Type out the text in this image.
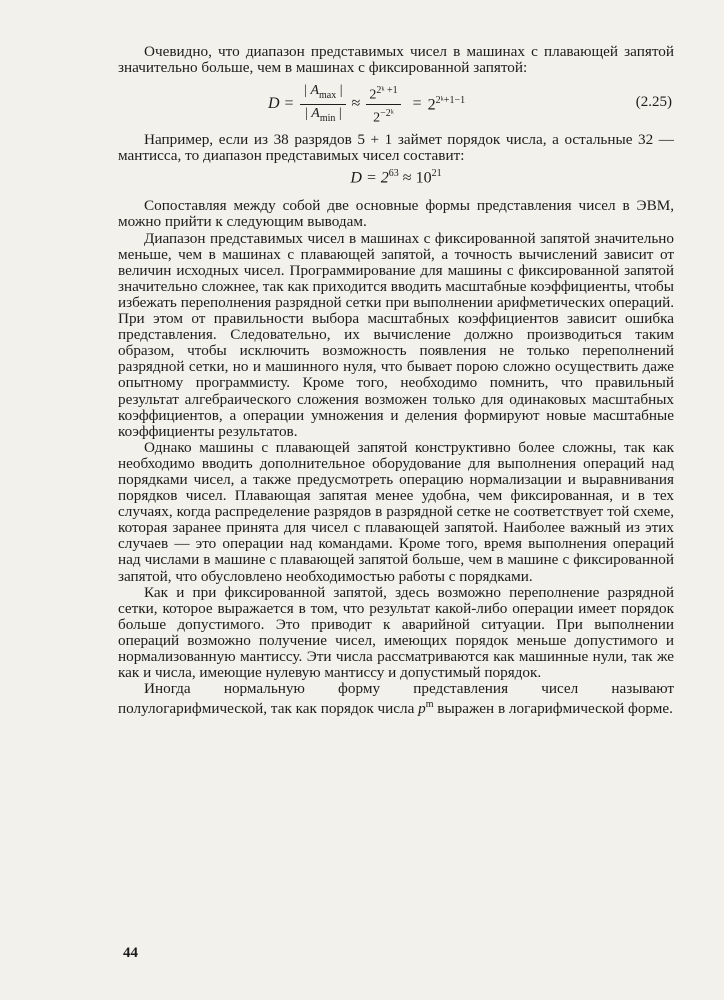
Очевидно, что диапазон представимых чисел в машинах с плавающей запятой значительно больше, чем в машинах с фиксированной запятой:

$D = \frac{| A_{max} |}{| A_{min} |} \approx \frac{2^{2ᵏ +1}}{2^{-2ᵏ}} = 2^{2ᵏ+1-1}$	(2.25)

Например, если из 38 разрядов 5 + 1 займет порядок числа, а остальные 32 — мантисса, то диапазон представимых чисел составит:

$D = 2^{63} \approx 10^{21}$

Сопоставляя между собой две основные формы представления чисел в ЭВМ, можно прийти к следующим выводам.

Диапазон представимых чисел в машинах с фиксированной запятой значительно меньше, чем в машинах с плавающей запятой, а точность вычислений зависит от величин исходных чисел. Программирование для машины с фиксированной запятой значительно сложнее, так как приходится вводить масштабные коэффициенты, чтобы избежать переполнения разрядной сетки при выполнении арифметических операций. При этом от правильности выбора масштабных коэффициентов зависит ошибка представления. Следовательно, их вычисление должно производиться таким образом, чтобы исключить возможность появления не только переполнений разрядной сетки, но и машинного нуля, что бывает порою сложно осуществить даже опытному программисту. Кроме того, необходимо помнить, что правильный результат алгебраического сложения возможен только для одинаковых масштабных коэффициентов, а операции умножения и деления формируют новые масштабные коэффициенты результатов.

Однако машины с плавающей запятой конструктивно более сложны, так как необходимо вводить дополнительное оборудование для выполнения операций над порядками чисел, а также предусмотреть операцию нормализации и выравнивания порядков чисел. Плавающая запятая менее удобна, чем фиксированная, и в тех случаях, когда распределение разрядов в разрядной сетке не соответствует той схеме, которая заранее принята для чисел с плавающей запятой. Наиболее важный из этих случаев — это операции над командами. Кроме того, время выполнения операций над числами в машине с плавающей запятой больше, чем в машине с фиксированной запятой, что обусловлено необходимостью работы с порядками.

Как и при фиксированной запятой, здесь возможно переполнение разрядной сетки, которое выражается в том, что результат какой-либо операции имеет порядок больше допустимого. Это приводит к аварийной ситуации. При выполнении операций возможно получение чисел, имеющих порядок меньше допустимого и нормализованную мантиссу. Эти числа рассматриваются как машинные нули, так же как и числа, имеющие нулевую мантиссу и допустимый порядок.

Иногда нормальную форму представления чисел называют полулогарифмической, так как порядок числа $p^m$ выражен в логарифмической форме.

44
